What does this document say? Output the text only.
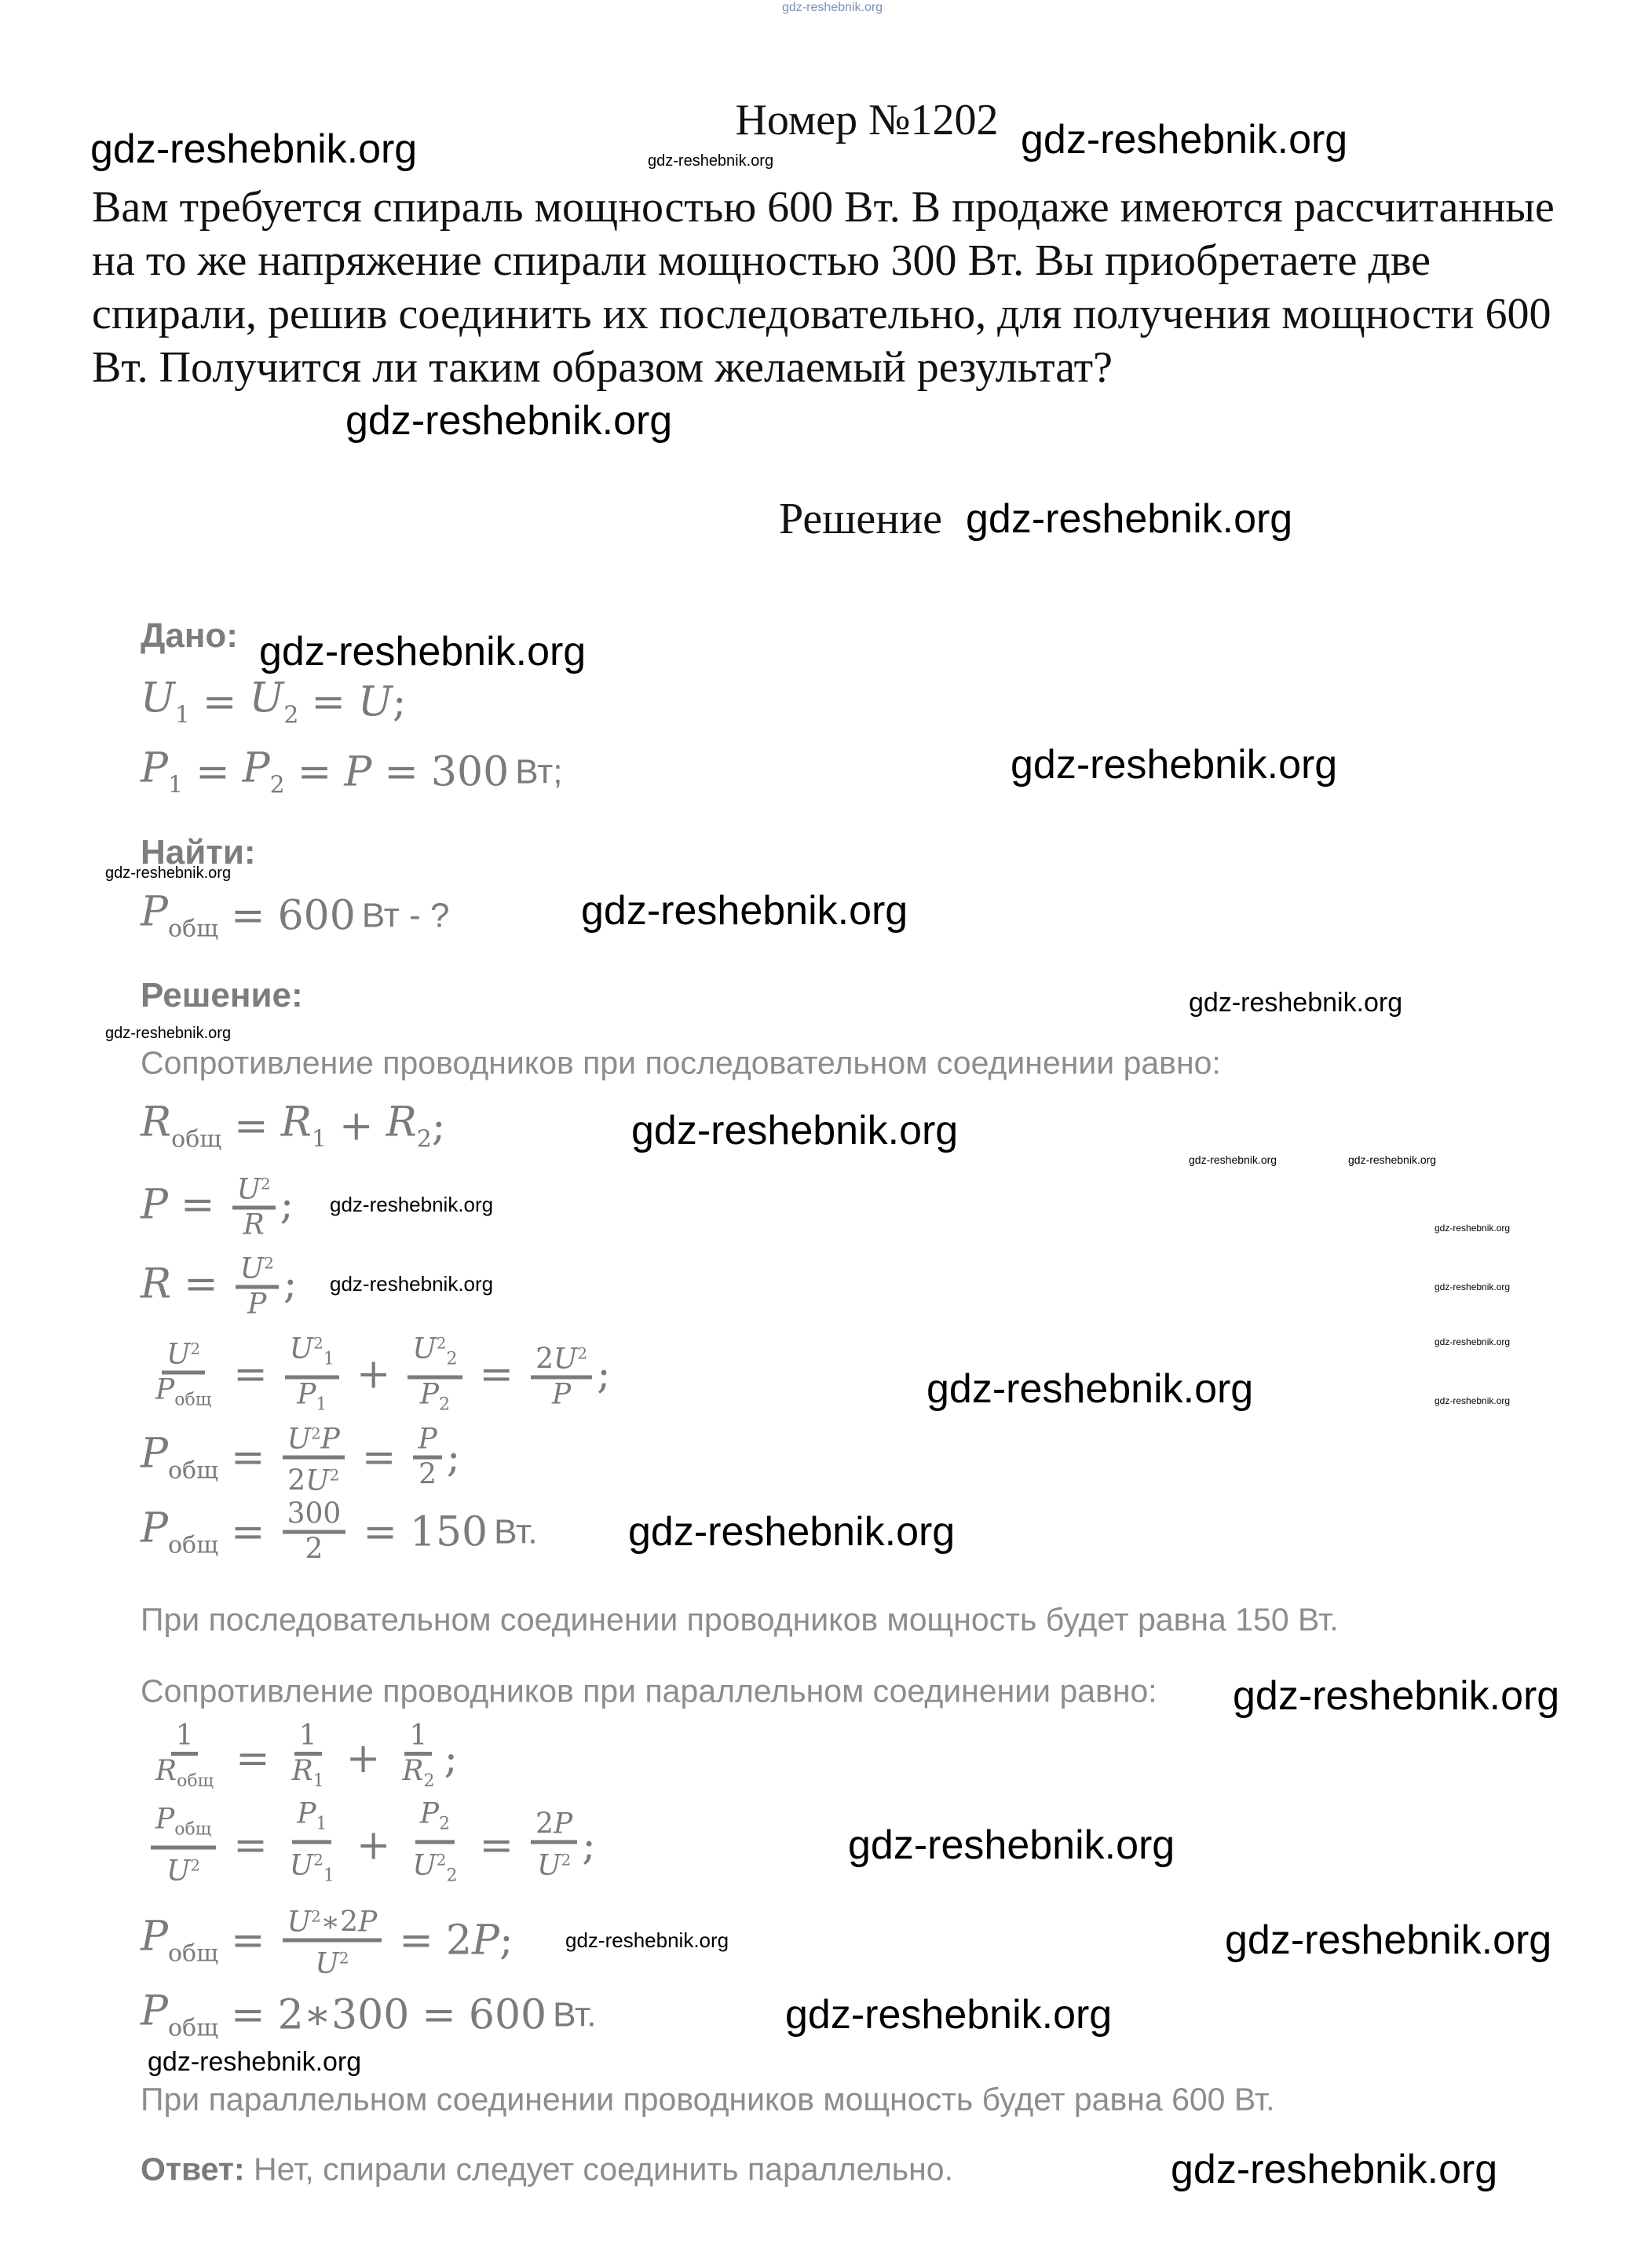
gdz-reshebnik.org
Номер №1202
Вам требуется спираль мощностью 600 Вт. В продаже имеются рассчитанные на то же напряжение спирали мощностью 300 Вт. Вы приобретаете две спирали, решив соединить их последовательно, для получения мощности 600 Вт. Получится ли таким образом желаемый результат?
Решение
Дано:
$U_1 = U_2 = U$ ;
$P_1 = P_2 = P = 300$ Вт;
Найти:
$P_{общ} = 600$ Вт - ?
Решение:
Сопротивление проводников при последовательном соединении равно:
$R_{общ} = R_1 + R_2$ ;
$P = \frac{U^2}{R}$ ;
$R = \frac{U^2}{P}$ ;
$\frac{U^2}{P_{общ}} = \frac{U^2_1}{P_1} + \frac{U^2_2}{P_2} = \frac{2U^2}{P}$ ;
$P_{общ} = \frac{U^2P}{2U^2} = \frac{P}{2}$ ;
$P_{общ} = \frac{300}{2} = 150$ Вт.
При последовательном соединении проводников мощность будет равна 150 Вт.
Сопротивление проводников при параллельном соединении равно:
$\frac{1}{R_{общ}} = \frac{1}{R_1} + \frac{1}{R_2}$ ;
$\frac{P_{общ}}{U^2} = \frac{P_1}{U^2_1} + \frac{P_2}{U^2_2} = \frac{2P}{U^2}$ ;
$P_{общ} = \frac{U^2∗2P}{U^2} = 2$ P ;
$P_{общ} = 2$ ∗ 300 = 600 Вт.
При параллельном соединении проводников мощность будет равна 600 Вт.
Ответ: Нет, спирали следует соединить параллельно.
gdz-reshebnik.org	gdz-reshebnik.org	gdz-reshebnik.org
gdz-reshebnik.org
gdz-reshebnik.org
gdz-reshebnik.org
gdz-reshebnik.org
gdz-reshebnik.org
gdz-reshebnik.org
gdz-reshebnik.org
gdz-reshebnik.org
gdz-reshebnik.org
gdz-reshebnik.org
gdz-reshebnik.org	gdz-reshebnik.org
gdz-reshebnik.org
gdz-reshebnik.org
gdz-reshebnik.org
gdz-reshebnik.org
gdz-reshebnik.org
gdz-reshebnik.org
gdz-reshebnik.org
gdz-reshebnik.org
gdz-reshebnik.org
gdz-reshebnik.org	gdz-reshebnik.org
gdz-reshebnik.org
gdz-reshebnik.org
gdz-reshebnik.org
